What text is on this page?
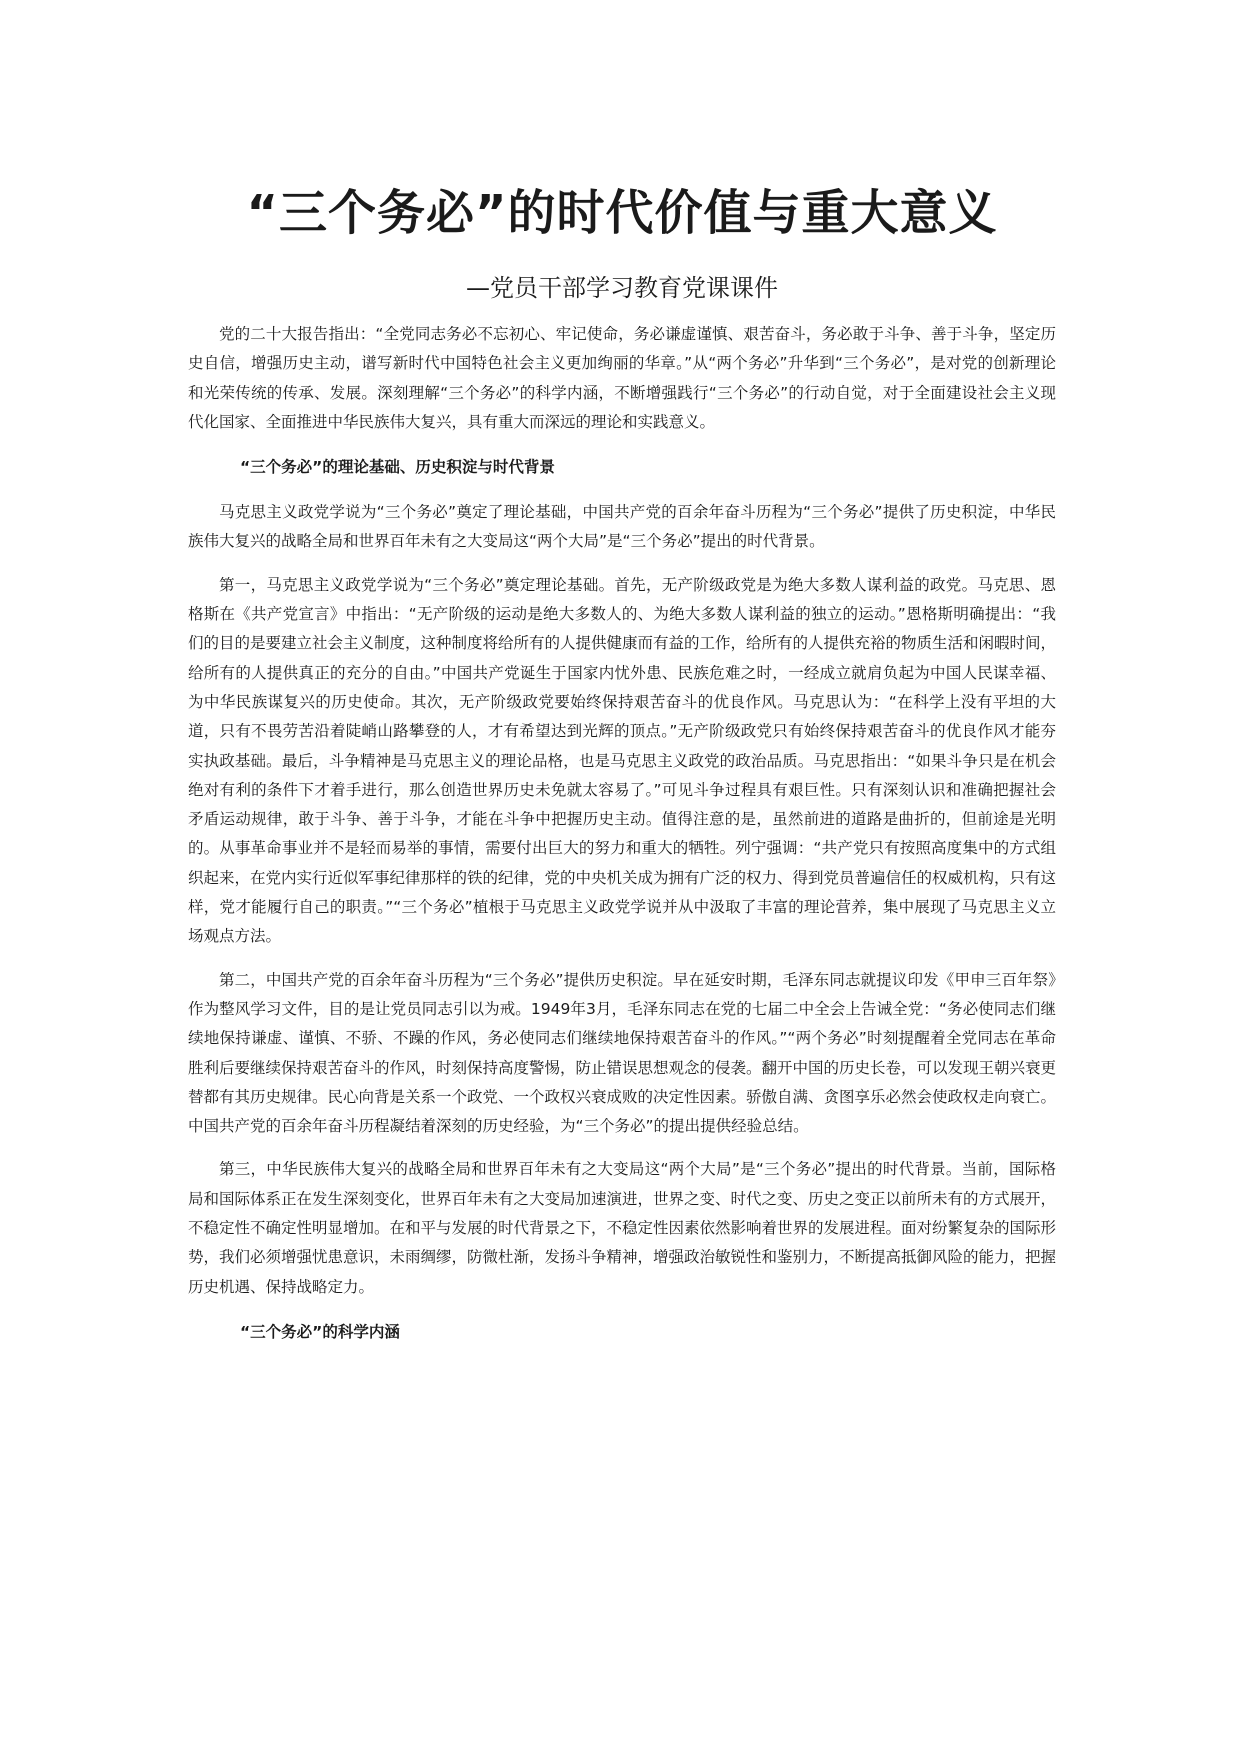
“三个务必”的时代价值与重大意义
—党员干部学习教育党课课件

党的二十大报告指出：“全党同志务必不忘初心、牢记使命，务必谦虚谨慎、艰苦奋斗，务必敢于斗争、善于斗争，坚定历史自信，增强历史主动，谱写新时代中国特色社会主义更加绚丽的华章。”从“两个务必”升华到“三个务必”，是对党的创新理论和光荣传统的传承、发展。深刻理解“三个务必”的科学内涵，不断增强践行“三个务必”的行动自觉，对于全面建设社会主义现代化国家、全面推进中华民族伟大复兴，具有重大而深远的理论和实践意义。

“三个务必”的理论基础、历史积淀与时代背景

马克思主义政党学说为“三个务必”奠定了理论基础，中国共产党的百余年奋斗历程为“三个务必”提供了历史积淀，中华民族伟大复兴的战略全局和世界百年未有之大变局这“两个大局”是“三个务必”提出的时代背景。

第一，马克思主义政党学说为“三个务必”奠定理论基础。首先，无产阶级政党是为绝大多数人谋利益的政党。马克思、恩格斯在《共产党宣言》中指出：“无产阶级的运动是绝大多数人的、为绝大多数人谋利益的独立的运动。”恩格斯明确提出：“我们的目的是要建立社会主义制度，这种制度将给所有的人提供健康而有益的工作，给所有的人提供充裕的物质生活和闲暇时间，给所有的人提供真正的充分的自由。”中国共产党诞生于国家内忧外患、民族危难之时，一经成立就肩负起为中国人民谋幸福、为中华民族谋复兴的历史使命。其次，无产阶级政党要始终保持艰苦奋斗的优良作风。马克思认为：“在科学上没有平坦的大道，只有不畏劳苦沿着陡峭山路攀登的人，才有希望达到光辉的顶点。”无产阶级政党只有始终保持艰苦奋斗的优良作风才能夯实执政基础。最后，斗争精神是马克思主义的理论品格，也是马克思主义政党的政治品质。马克思指出：“如果斗争只是在机会绝对有利的条件下才着手进行，那么创造世界历史未免就太容易了。”可见斗争过程具有艰巨性。只有深刻认识和准确把握社会矛盾运动规律，敢于斗争、善于斗争，才能在斗争中把握历史主动。值得注意的是，虽然前进的道路是曲折的，但前途是光明的。从事革命事业并不是轻而易举的事情，需要付出巨大的努力和重大的牺牲。列宁强调：“共产党只有按照高度集中的方式组织起来，在党内实行近似军事纪律那样的铁的纪律，党的中央机关成为拥有广泛的权力、得到党员普遍信任的权威机构，只有这样，党才能履行自己的职责。”“三个务必”植根于马克思主义政党学说并从中汲取了丰富的理论营养，集中展现了马克思主义立场观点方法。

第二，中国共产党的百余年奋斗历程为“三个务必”提供历史积淀。早在延安时期，毛泽东同志就提议印发《甲申三百年祭》作为整风学习文件，目的是让党员同志引以为戒。1949年3月，毛泽东同志在党的七届二中全会上告诫全党：“务必使同志们继续地保持谦虚、谨慎、不骄、不躁的作风，务必使同志们继续地保持艰苦奋斗的作风。”“两个务必”时刻提醒着全党同志在革命胜利后要继续保持艰苦奋斗的作风，时刻保持高度警惕，防止错误思想观念的侵袭。翻开中国的历史长卷，可以发现王朝兴衰更替都有其历史规律。民心向背是关系一个政党、一个政权兴衰成败的决定性因素。骄傲自满、贪图享乐必然会使政权走向衰亡。中国共产党的百余年奋斗历程凝结着深刻的历史经验，为“三个务必”的提出提供经验总结。

第三，中华民族伟大复兴的战略全局和世界百年未有之大变局这“两个大局”是“三个务必”提出的时代背景。当前，国际格局和国际体系正在发生深刻变化，世界百年未有之大变局加速演进，世界之变、时代之变、历史之变正以前所未有的方式展开，不稳定性不确定性明显增加。在和平与发展的时代背景之下，不稳定性因素依然影响着世界的发展进程。面对纷繁复杂的国际形势，我们必须增强忧患意识，未雨绸缪，防微杜渐，发扬斗争精神，增强政治敏锐性和鉴别力，不断提高抵御风险的能力，把握历史机遇、保持战略定力。

“三个务必”的科学内涵
